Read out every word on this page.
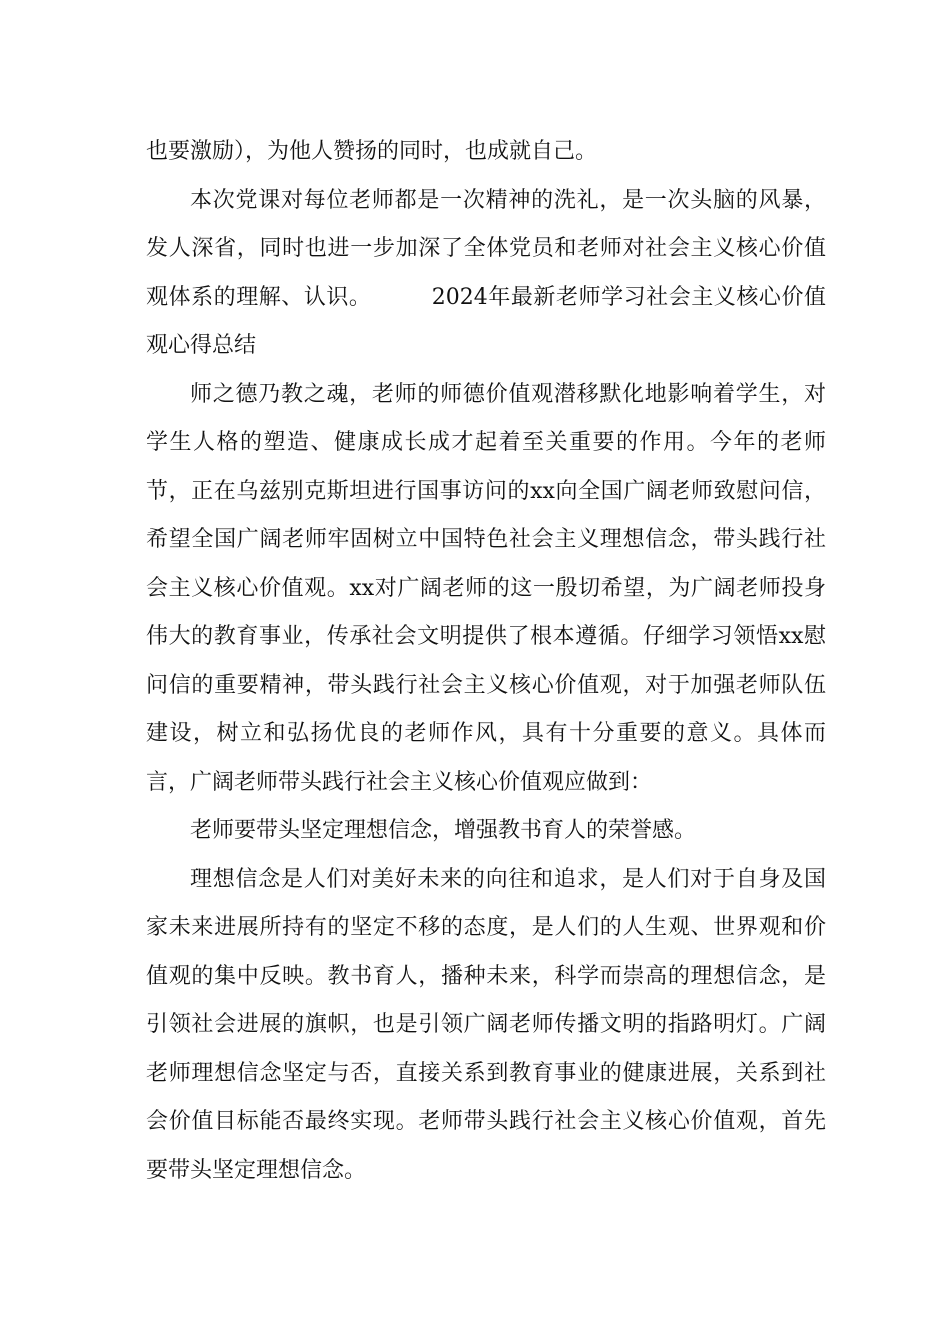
也要激励），为他人赞扬的同时，也成就自己。

本次党课对每位老师都是一次精神的洗礼，是一次头脑的风暴，发人深省，同时也进一步加深了全体党员和老师对社会主义核心价值观体系的理解、认识。        2024年最新老师学习社会主义核心价值观心得总结

师之德乃教之魂，老师的师德价值观潜移默化地影响着学生，对学生人格的塑造、健康成长成才起着至关重要的作用。今年的老师节，正在乌兹别克斯坦进行国事访问的xx向全国广阔老师致慰问信，希望全国广阔老师牢固树立中国特色社会主义理想信念，带头践行社会主义核心价值观。xx对广阔老师的这一殷切希望，为广阔老师投身伟大的教育事业，传承社会文明提供了根本遵循。仔细学习领悟xx慰问信的重要精神，带头践行社会主义核心价值观，对于加强老师队伍建设，树立和弘扬优良的老师作风，具有十分重要的意义。具体而言，广阔老师带头践行社会主义核心价值观应做到：

老师要带头坚定理想信念，增强教书育人的荣誉感。

理想信念是人们对美好未来的向往和追求，是人们对于自身及国家未来进展所持有的坚定不移的态度，是人们的人生观、世界观和价值观的集中反映。教书育人，播种未来，科学而崇高的理想信念，是引领社会进展的旗帜，也是引领广阔老师传播文明的指路明灯。广阔老师理想信念坚定与否，直接关系到教育事业的健康进展，关系到社会价值目标能否最终实现。老师带头践行社会主义核心价值观，首先要带头坚定理想信念。
